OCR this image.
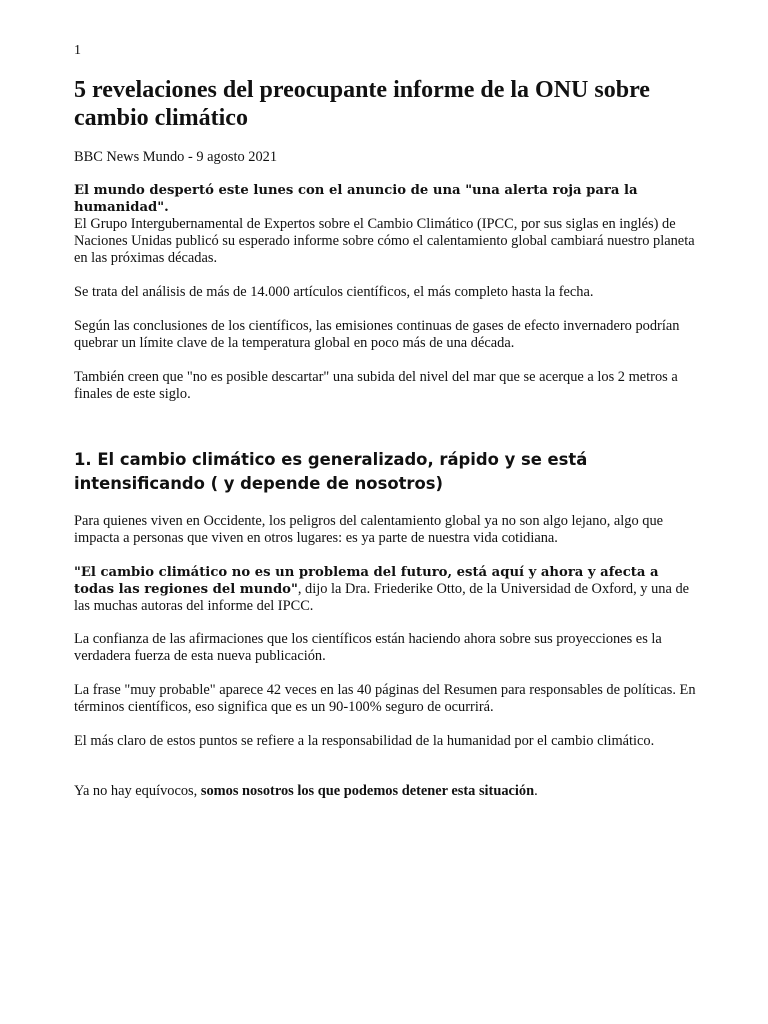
1
5 revelaciones del preocupante informe de la ONU sobre cambio climático

BBC News Mundo - 9 agosto 2021

El mundo despertó este lunes con el anuncio de una "una alerta roja para la humanidad".

El Grupo Intergubernamental de Expertos sobre el Cambio Climático (IPCC, por sus siglas en inglés) de Naciones Unidas publicó su esperado informe sobre cómo el calentamiento global cambiará nuestro planeta en las próximas décadas.

Se trata del análisis de más de 14.000 artículos científicos, el más completo hasta la fecha.

Según las conclusiones de los científicos, las emisiones continuas de gases de efecto invernadero podrían quebrar un límite clave de la temperatura global en poco más de una década.

También creen que "no es posible descartar" una subida del nivel del mar que se acerque a los 2 metros a finales de este siglo.

1. El cambio climático es generalizado, rápido y se está intensificando ( y depende de nosotros)

Para quienes viven en Occidente, los peligros del calentamiento global ya no son algo lejano, algo que impacta a personas que viven en otros lugares: es ya parte de nuestra vida cotidiana.

"El cambio climático no es un problema del futuro, está aquí y ahora y afecta a todas las regiones del mundo", dijo la Dra. Friederike Otto, de la Universidad de Oxford, y una de las muchas autoras del informe del IPCC.

La confianza de las afirmaciones que los científicos están haciendo ahora sobre sus proyecciones es la verdadera fuerza de esta nueva publicación.

La frase "muy probable" aparece 42 veces en las 40 páginas del Resumen para responsables de políticas. En términos científicos, eso significa que es un 90-100% seguro de ocurrirá.

El más claro de estos puntos se refiere a la responsabilidad de la humanidad por el cambio climático.

Ya no hay equívocos, somos nosotros los que podemos detener esta situación.
